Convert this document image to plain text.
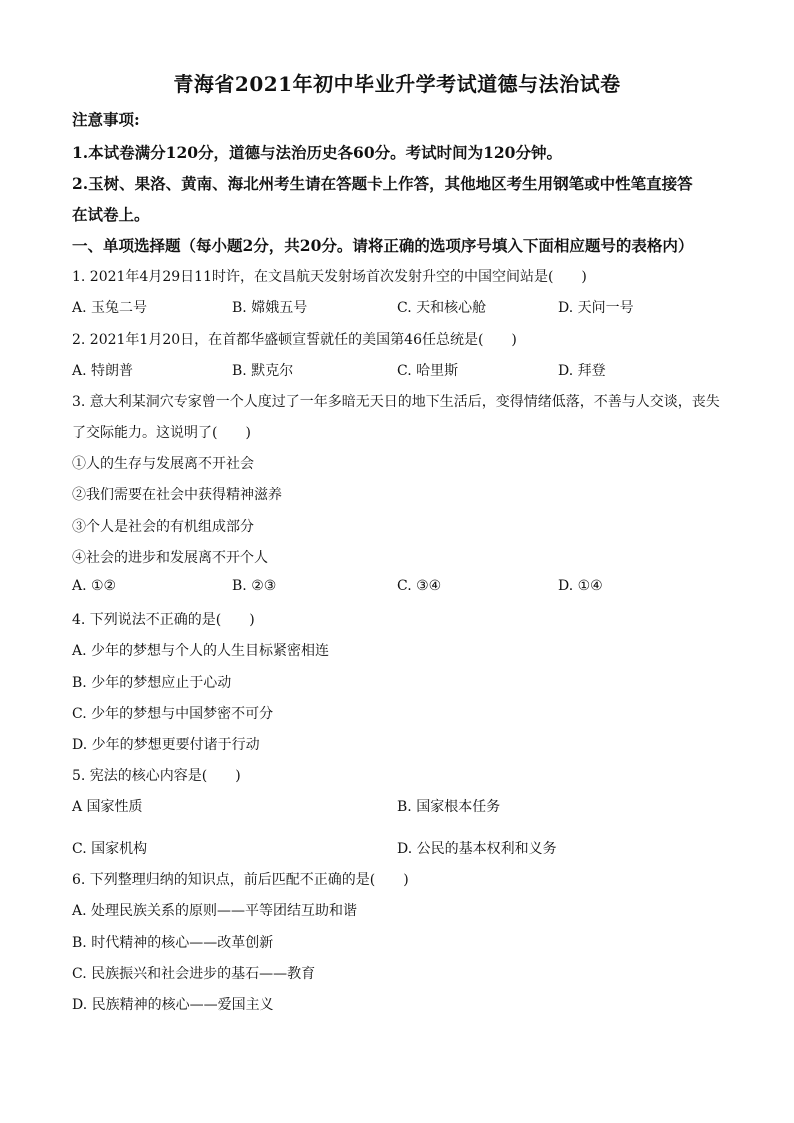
青海省2021年初中毕业升学考试道德与法治试卷
注意事项:
1.本试卷满分120分，道德与法治历史各60分。考试时间为120分钟。
2.玉树、果洛、黄南、海北州考生请在答题卡上作答，其他地区考生用钢笔或中性笔直接答
在试卷上。
一、单项选择题（每小题2分，共20分。请将正确的选项序号填入下面相应题号的表格内）
1. 2021年4月29日11时许，在文昌航天发射场首次发射升空的中国空间站是(　　)
A. 玉兔二号	B. 嫦娥五号	C. 天和核心舱	D. 天问一号
2. 2021年1月20日，在首都华盛顿宣誓就任的美国第46任总统是(　　)
A. 特朗普	B. 默克尔	C. 哈里斯	D. 拜登
3. 意大利某洞穴专家曾一个人度过了一年多暗无天日的地下生活后，变得情绪低落，不善与人交谈，丧失
了交际能力。这说明了(　　)
①人的生存与发展离不开社会
②我们需要在社会中获得精神滋养
③个人是社会的有机组成部分
④社会的进步和发展离不开个人
A. ①②	B. ②③	C. ③④	D. ①④
4. 下列说法不正确的是(　　)
A. 少年的梦想与个人的人生目标紧密相连
B. 少年的梦想应止于心动
C. 少年的梦想与中国梦密不可分
D. 少年的梦想更要付诸于行动
5. 宪法的核心内容是(　　)
A 国家性质	B. 国家根本任务
C. 国家机构	D. 公民的基本权利和义务
6. 下列整理归纳的知识点，前后匹配不正确的是(　　)
A. 处理民族关系的原则——平等团结互助和谐
B. 时代精神的核心——改革创新
C. 民族振兴和社会进步的基石——教育
D. 民族精神的核心——爱国主义
